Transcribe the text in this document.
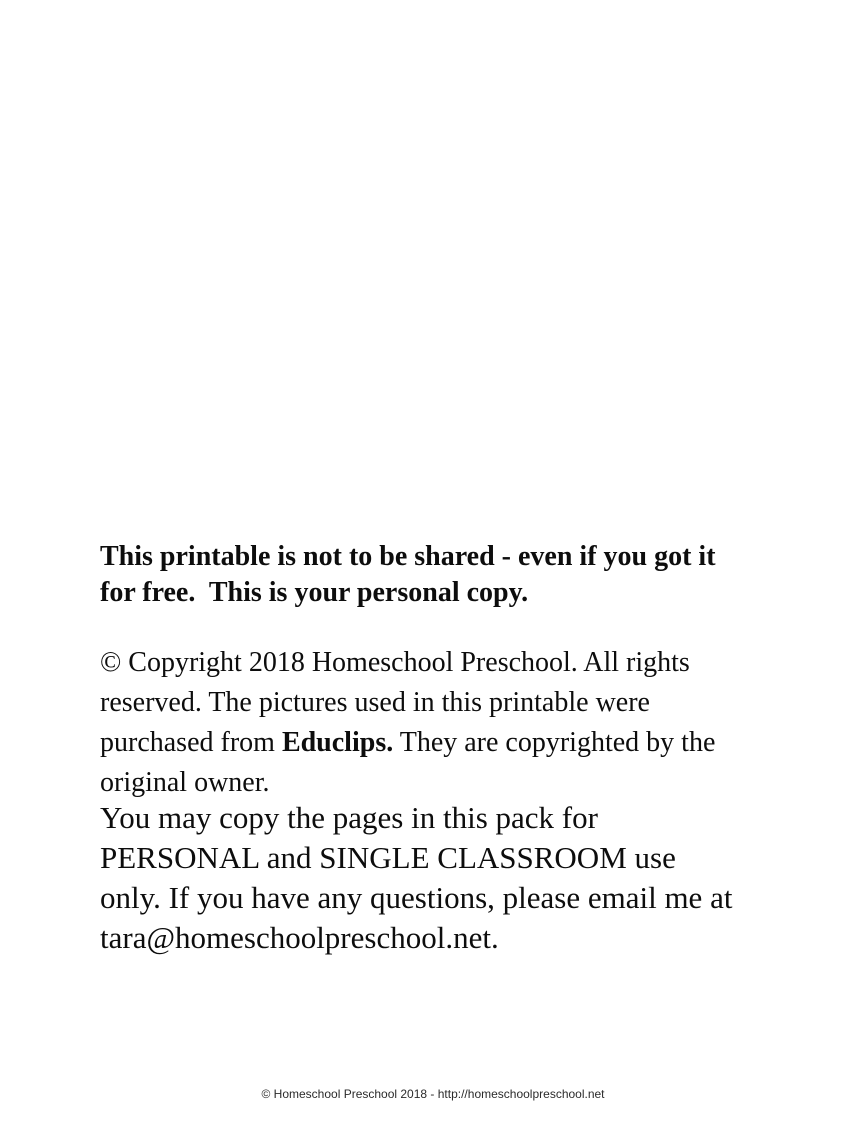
This printable is not to be shared - even if you got it for free.  This is your personal copy.

© Copyright 2018 Homeschool Preschool. All rights reserved. The pictures used in this printable were purchased from Educlips. They are copyrighted by the original owner.

You may copy the pages in this pack for PERSONAL and SINGLE CLASSROOM use only. If you have any questions, please email me at tara@homeschoolpreschool.net.

© Homeschool Preschool 2018 - http://homeschoolpreschool.net
